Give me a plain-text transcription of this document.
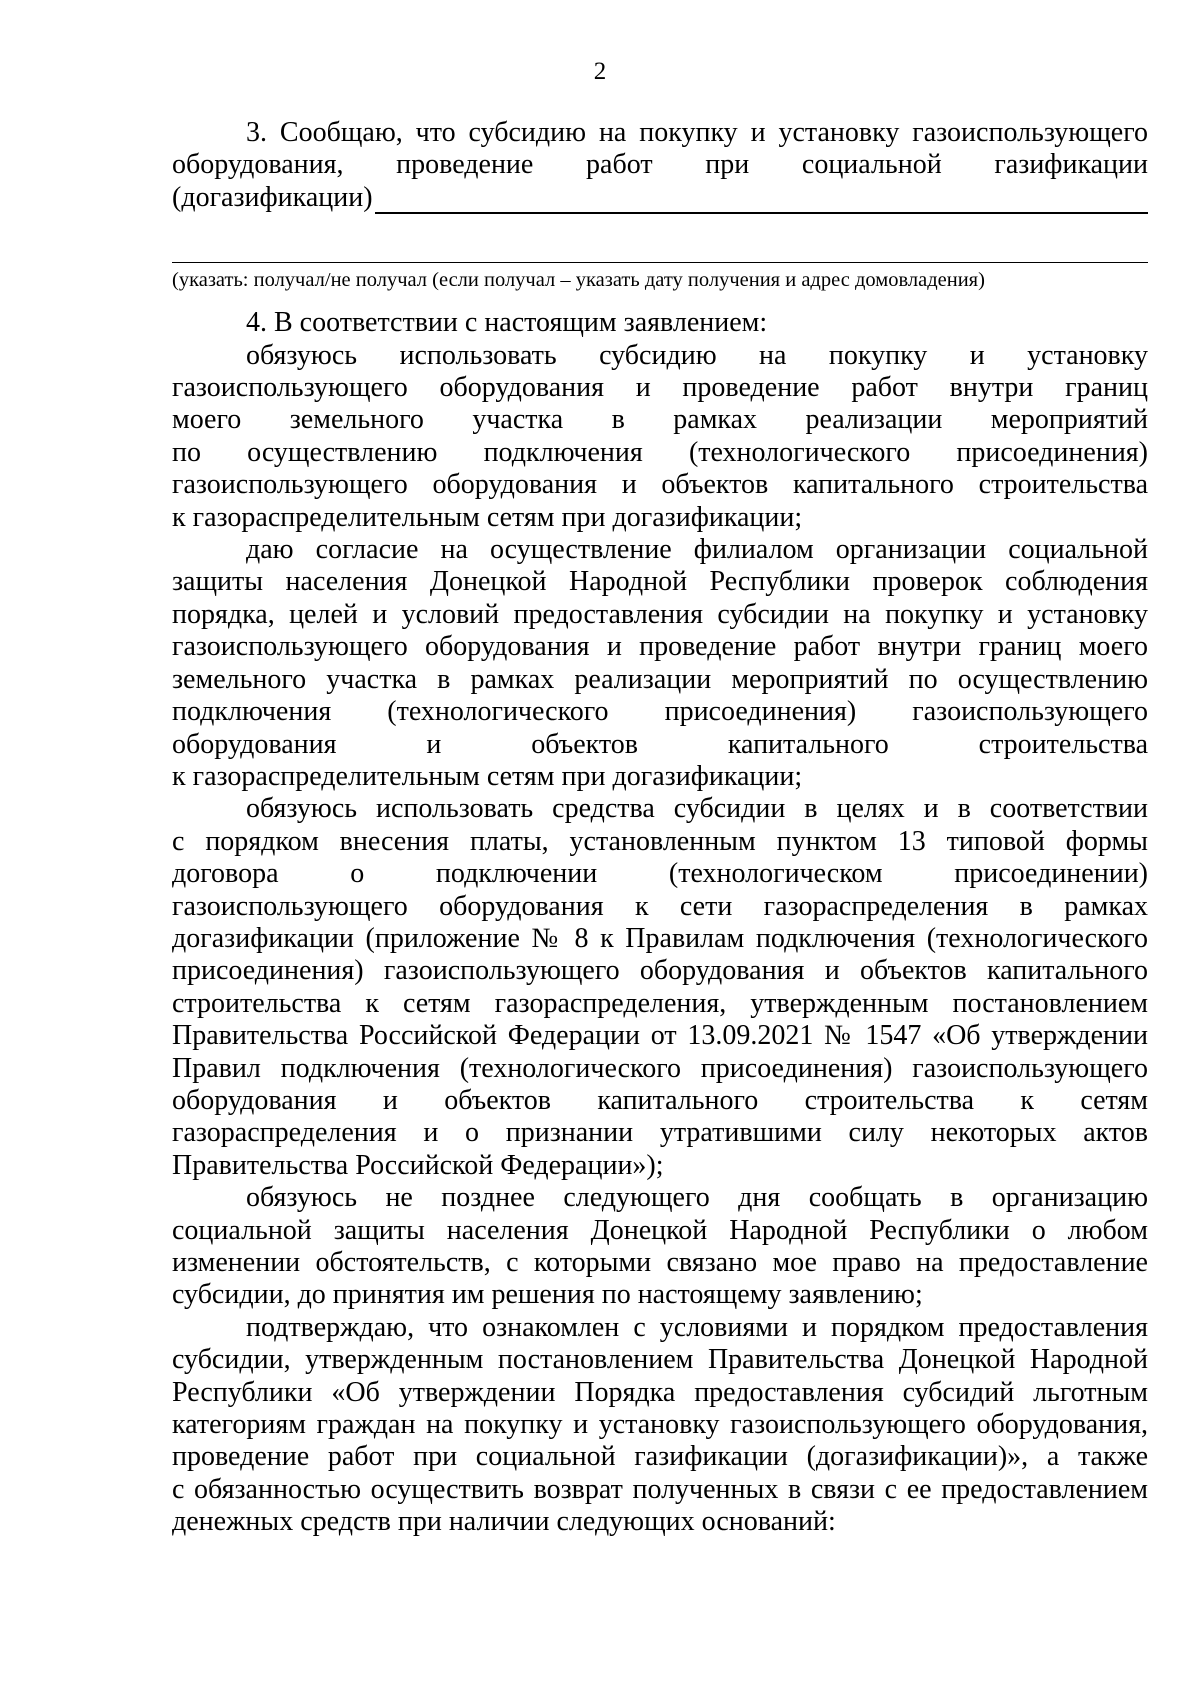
2
3. Сообщаю, что субсидию на покупку и установку газоиспользующего
оборудования, проведение работ при социальной газификации
(догазификации)
(указать: получал/не получал (если получал – указать дату получения и адрес домовладения)
4. В соответствии с настоящим заявлением:
обязуюсь использовать субсидию на покупку и установку
газоиспользующего оборудования и проведение работ внутри границ
моего земельного участка в рамках реализации мероприятий
по осуществлению подключения (технологического присоединения)
газоиспользующего оборудования и объектов капитального строительства
к газораспределительным сетям при догазификации;
даю согласие на осуществление филиалом организации социальной
защиты населения Донецкой Народной Республики проверок соблюдения
порядка, целей и условий предоставления субсидии на покупку и установку
газоиспользующего оборудования и проведение работ внутри границ моего
земельного участка в рамках реализации мероприятий по осуществлению
подключения (технологического присоединения) газоиспользующего
оборудования и объектов капитального строительства
к газораспределительным сетям при догазификации;
обязуюсь использовать средства субсидии в целях и в соответствии
с порядком внесения платы, установленным пунктом 13 типовой формы
договора о подключении (технологическом присоединении)
газоиспользующего оборудования к сети газораспределения в рамках
догазификации (приложение № 8 к Правилам подключения (технологического
присоединения) газоиспользующего оборудования и объектов капитального
строительства к сетям газораспределения, утвержденным постановлением
Правительства Российской Федерации от 13.09.2021 № 1547 «Об утверждении
Правил подключения (технологического присоединения) газоиспользующего
оборудования и объектов капитального строительства к сетям
газораспределения и о признании утратившими силу некоторых актов
Правительства Российской Федерации»);
обязуюсь не позднее следующего дня сообщать в организацию
социальной защиты населения Донецкой Народной Республики о любом
изменении обстоятельств, с которыми связано мое право на предоставление
субсидии, до принятия им решения по настоящему заявлению;
подтверждаю, что ознакомлен с условиями и порядком предоставления
субсидии, утвержденным постановлением Правительства Донецкой Народной
Республики «Об утверждении Порядка предоставления субсидий льготным
категориям граждан на покупку и установку газоиспользующего оборудования,
проведение работ при социальной газификации (догазификации)», а также
с обязанностью осуществить возврат полученных в связи с ее предоставлением
денежных средств при наличии следующих оснований:
